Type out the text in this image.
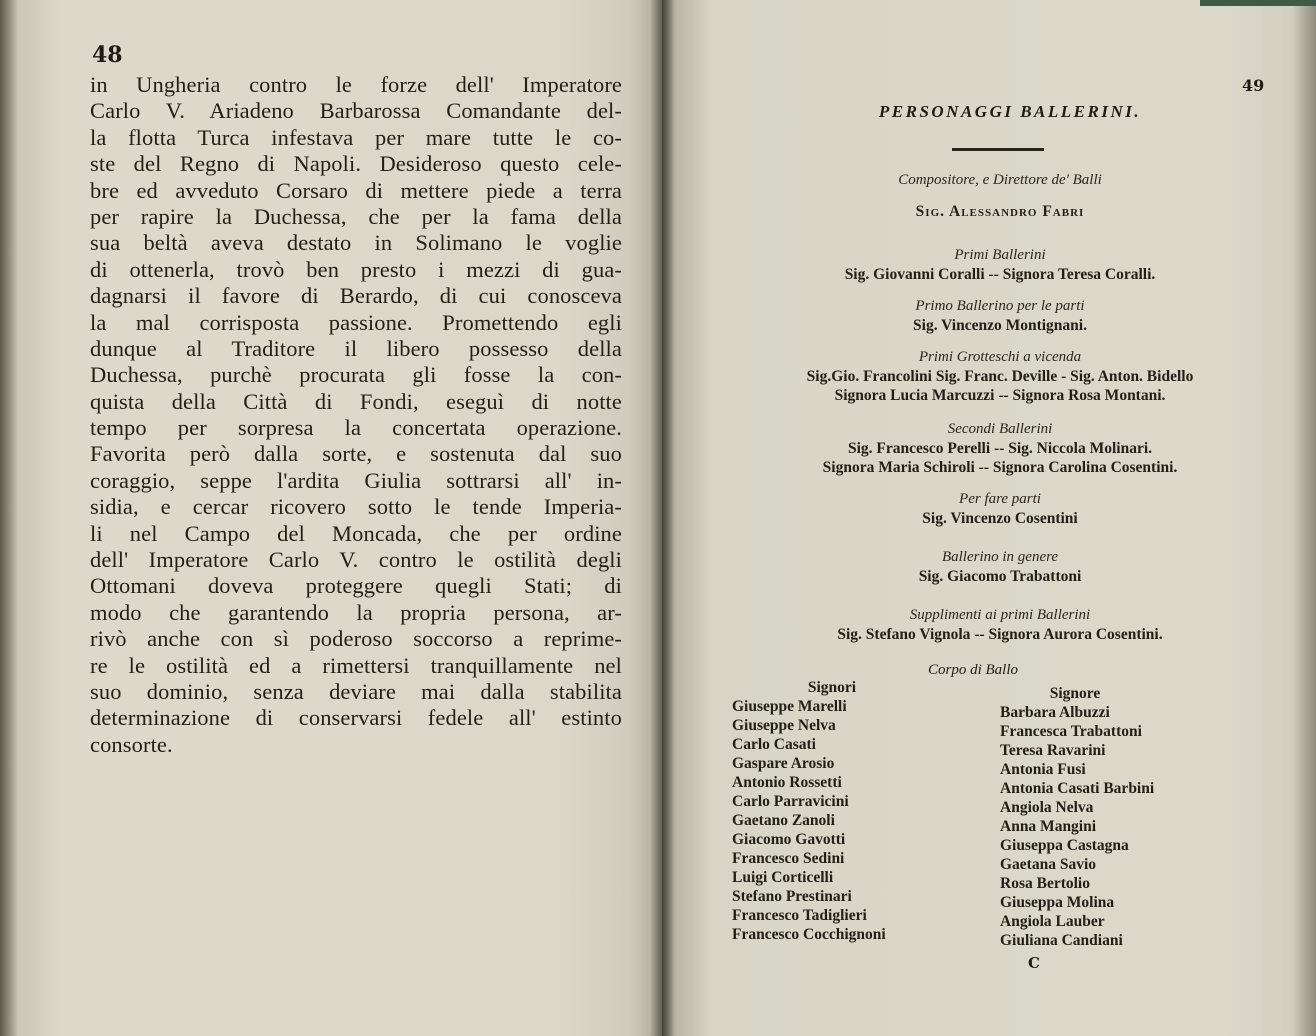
48
in Ungheria contro le forze dell' Imperatore
Carlo V. Ariadeno Barbarossa Comandante del-
la flotta Turca infestava per mare tutte le co-
ste del Regno di Napoli. Desideroso questo cele-
bre ed avveduto Corsaro di mettere piede a terra
per rapire la Duchessa, che per la fama della
sua beltà aveva destato in Solimano le voglie
di ottenerla, trovò ben presto i mezzi di gua-
dagnarsi il favore di Berardo, di cui conosceva
la mal corrisposta passione. Promettendo egli
dunque al Traditore il libero possesso della
Duchessa, purchè procurata gli fosse la con-
quista della Città di Fondi, eseguì di notte
tempo per sorpresa la concertata operazione.
Favorita però dalla sorte, e sostenuta dal suo
coraggio, seppe l'ardita Giulia sottrarsi all' in-
sidia, e cercar ricovero sotto le tende Imperia-
li nel Campo del Moncada, che per ordine
dell' Imperatore Carlo V. contro le ostilità degli
Ottomani doveva proteggere quegli Stati; di
modo che garantendo la propria persona, ar-
rivò anche con sì poderoso soccorso a reprime-
re le ostilità ed a rimettersi tranquillamente nel
suo dominio, senza deviare mai dalla stabilita
determinazione di conservarsi fedele all' estinto
consorte.
49
PERSONAGGI BALLERINI.
Compositore, e Direttore de' Balli
Sig. Alessandro Fabri
Primi Ballerini
Sig. Giovanni Coralli -- Signora Teresa Coralli.
Primo Ballerino per le parti
Sig. Vincenzo Montignani.
Primi Grotteschi a vicenda
Sig.Gio. Francolini Sig. Franc. Deville - Sig. Anton. Bidello
Signora Lucia Marcuzzi -- Signora Rosa Montani.
Secondi Ballerini
Sig. Francesco Perelli -- Sig. Niccola Molinari.
Signora Maria Schiroli -- Signora Carolina Cosentini.
Per fare parti
Sig. Vincenzo Cosentini
Ballerino in genere
Sig. Giacomo Trabattoni
Supplimenti ai primi Ballerini
Sig. Stefano Vignola -- Signora Aurora Cosentini.
Corpo di Ballo
Signori
Giuseppe Marelli
Giuseppe Nelva
Carlo Casati
Gaspare Arosio
Antonio Rossetti
Carlo Parravicini
Gaetano Zanoli
Giacomo Gavotti
Francesco Sedini
Luigi Corticelli
Stefano Prestinari
Francesco Tadiglieri
Francesco Cocchignoni
Signore
Barbara Albuzzi
Francesca Trabattoni
Teresa Ravarini
Antonia Fusi
Antonia Casati Barbini
Angiola Nelva
Anna Mangini
Giuseppa Castagna
Gaetana Savio
Rosa Bertolio
Giuseppa Molina
Angiola Lauber
Giuliana Candiani
C
